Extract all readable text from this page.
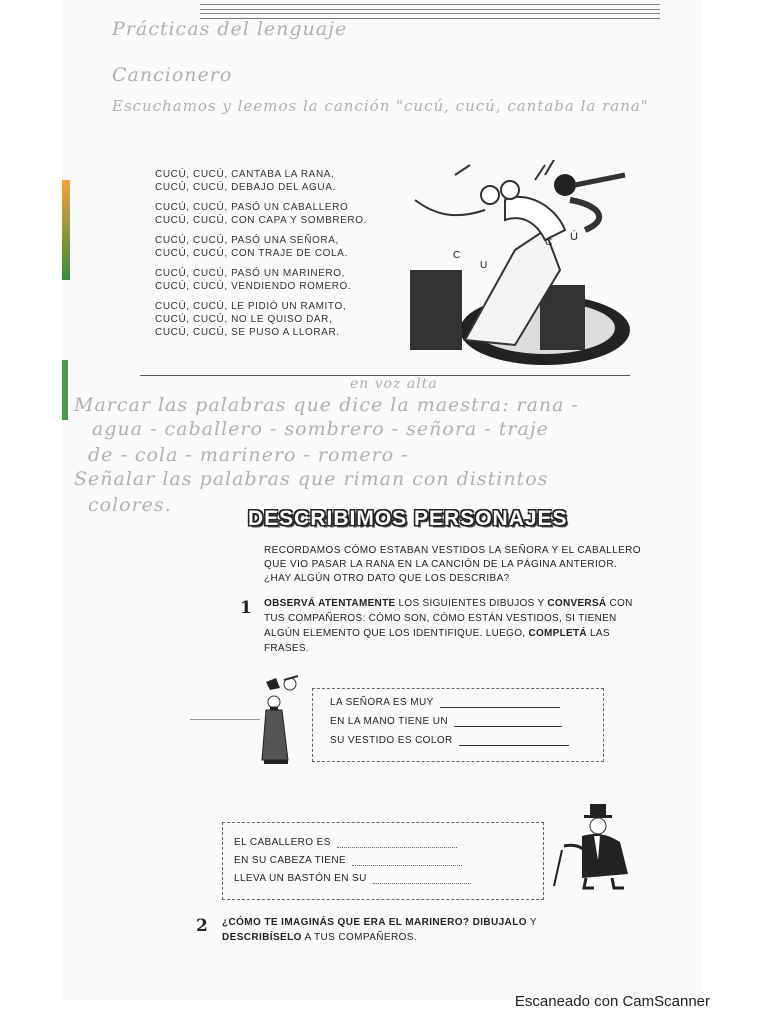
Prácticas del lenguaje
Cancionero
Escuchamos y leemos la canción "cucú, cucú, cantaba la rana"
CUCÚ, CUCÚ, CANTABA LA RANA,
CUCÚ, CUCÚ, DEBAJO DEL AGUA.
CUCÚ, CUCÚ, PASÓ UN CABALLERO
CUCÚ, CUCÚ, CON CAPA Y SOMBRERO.
CUCÚ, CUCÚ, PASÓ UNA SEÑORA,
CUCÚ, CUCÚ, CON TRAJE DE COLA.
CUCÚ, CUCÚ, PASÓ UN MARINERO,
CUCÚ, CUCÚ, VENDIENDO ROMERO.
CUCÚ, CUCÚ, LE PIDIÓ UN RAMITO,
CUCÚ, CUCÚ, NO LE QUISO DAR,
CUCÚ, CUCÚ, SE PUSO A LLORAR.
C
U
C Ú
en voz alta
Marcar las palabras que dice la maestra: rana -
agua - caballero - sombrero - señora - traje
de - cola - marinero - romero -
Señalar las palabras que riman con distintos
colores.
DESCRIBIMOS PERSONAJES
RECORDAMOS CÓMO ESTABAN VESTIDOS LA SEÑORA Y EL CABALLERO QUE VIO PASAR LA RANA EN LA CANCIÓN DE LA PÁGINA ANTERIOR. ¿HAY ALGÚN OTRO DATO QUE LOS DESCRIBA?
1 OBSERVÁ ATENTAMENTE LOS SIGUIENTES DIBUJOS Y CONVERSÁ CON TUS COMPAÑEROS: CÓMO SON, CÓMO ESTÁN VESTIDOS, SI TIENEN ALGÚN ELEMENTO QUE LOS IDENTIFIQUE. LUEGO, COMPLETÁ LAS FRASES.
LA SEÑORA ES MUY
EN LA MANO TIENE UN
SU VESTIDO ES COLOR
EL CABALLERO ES
EN SU CABEZA TIENE
LLEVA UN BASTÓN EN SU
2 ¿CÓMO TE IMAGINÁS QUE ERA EL MARINERO? DIBUJALO Y DESCRIBÍSELO A TUS COMPAÑEROS.
Escaneado con CamScanner
